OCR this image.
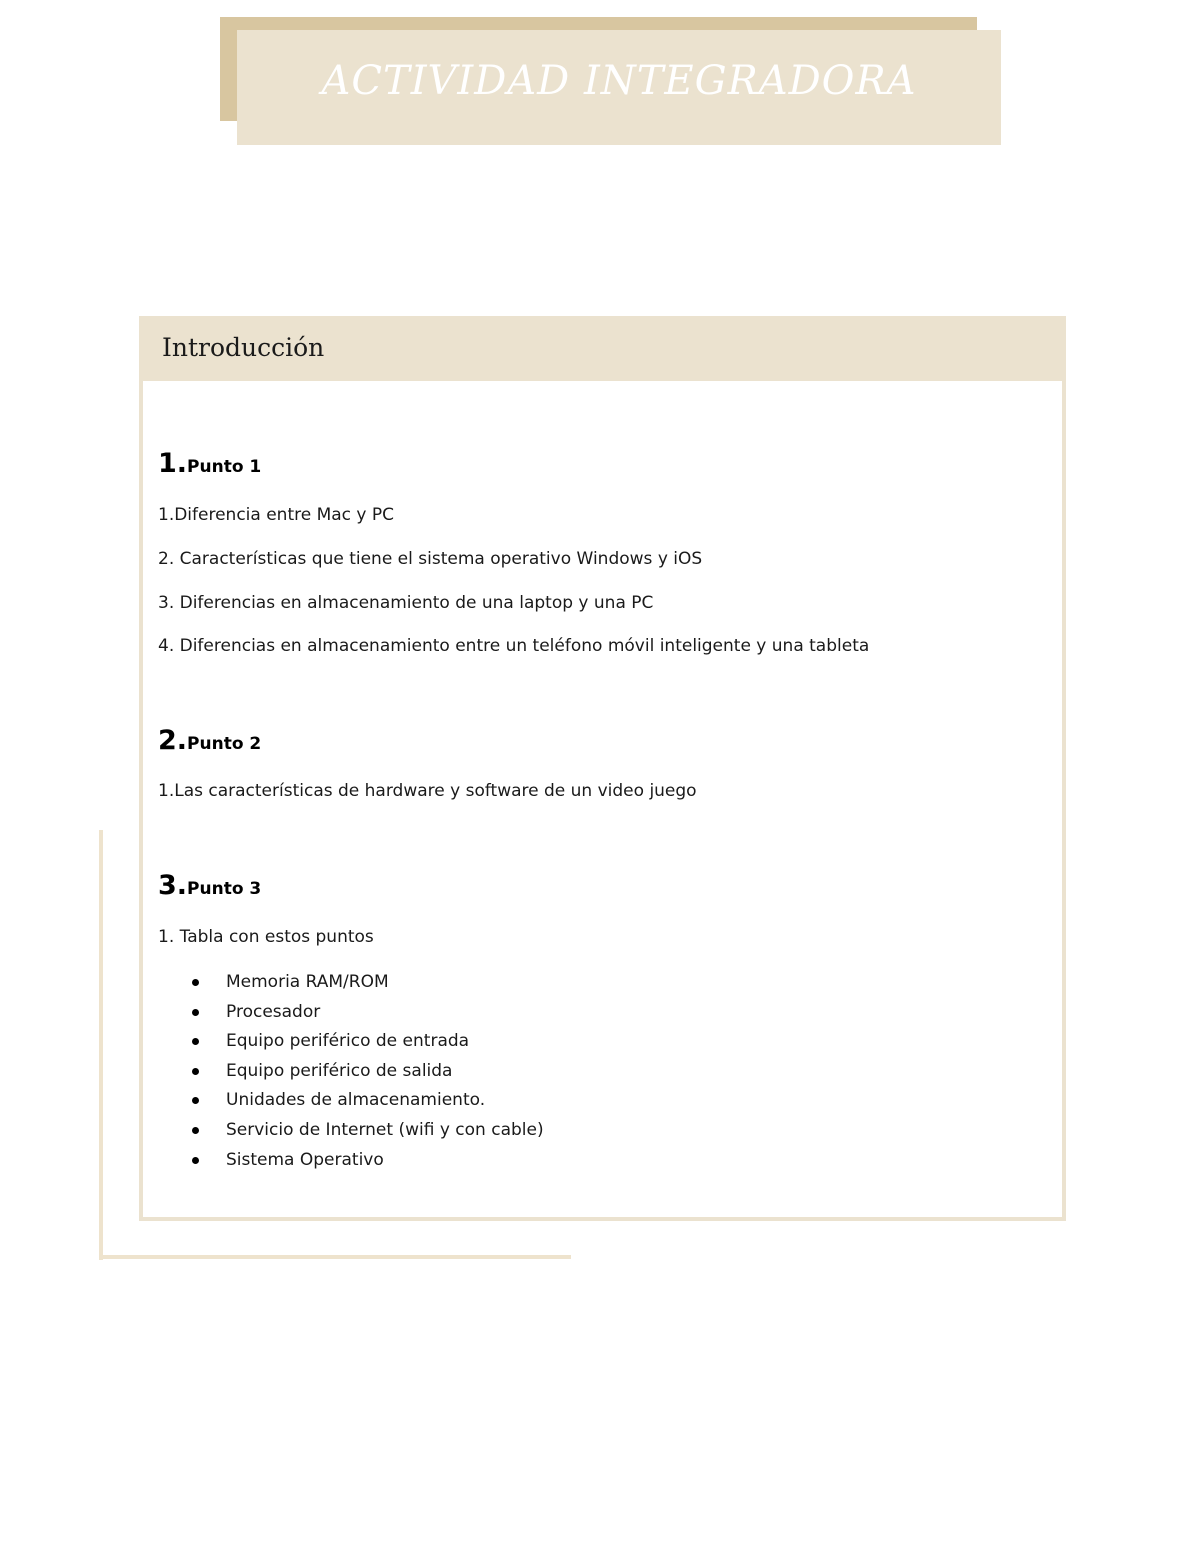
ACTIVIDAD INTEGRADORA
Introducción
1.Punto 1
1.Diferencia entre Mac y PC
2. Características que tiene el sistema operativo Windows y iOS
3. Diferencias en almacenamiento de una laptop y una PC
4. Diferencias en almacenamiento entre un teléfono móvil inteligente y una tableta
2.Punto 2
1.Las características de hardware y software de un video juego
3.Punto 3
1. Tabla con estos puntos
Memoria RAM/ROM
Procesador
Equipo periférico de entrada
Equipo periférico de salida
Unidades de almacenamiento.
Servicio de Internet (wifi y con cable)
Sistema Operativo
